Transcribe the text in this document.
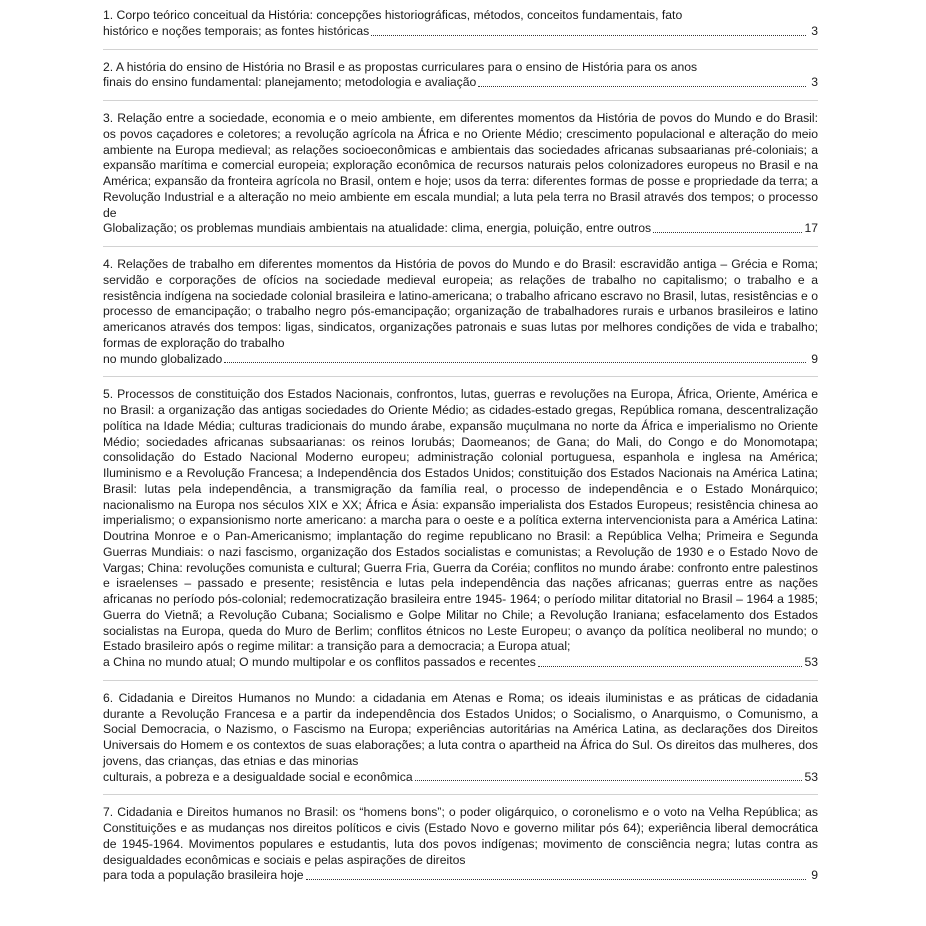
1. Corpo teórico conceitual da História: concepções historiográficas, métodos, conceitos fundamentais, fato
histórico e noções temporais; as fontes históricas	3
2. A história do ensino de História no Brasil e as propostas curriculares para o ensino de História para os anos
finais do ensino fundamental: planejamento; metodologia e avaliação	3
3. Relação entre a sociedade, economia e o meio ambiente, em diferentes momentos da História de povos do Mundo e do Brasil: os povos caçadores e coletores; a revolução agrícola na África e no Oriente Médio; crescimento populacional e alteração do meio ambiente na Europa medieval; as relações socioeconômicas e ambientais das sociedades africanas subsaarianas pré-coloniais; a expansão marítima e comercial europeia; exploração econômica de recursos naturais pelos colonizadores europeus no Brasil e na América; expansão da fronteira agrícola no Brasil, ontem e hoje; usos da terra: diferentes formas de posse e propriedade da terra; a Revolução Industrial e a alteração no meio ambiente em escala mundial; a luta pela terra no Brasil através dos tempos; o processo de
Globalização; os problemas mundiais ambientais na atualidade: clima, energia, poluição, entre outros	17
4. Relações de trabalho em diferentes momentos da História de povos do Mundo e do Brasil: escravidão antiga – Grécia e Roma; servidão e corporações de ofícios na sociedade medieval europeia; as relações de trabalho no capitalismo; o trabalho e a resistência indígena na sociedade colonial brasileira e latino-americana; o trabalho africano escravo no Brasil, lutas, resistências e o processo de emancipação; o trabalho negro pós-emancipação; organização de trabalhadores rurais e urbanos brasileiros e latino americanos através dos tempos: ligas, sindicatos, organizações patronais e suas lutas por melhores condições de vida e trabalho; formas de exploração do trabalho
no mundo globalizado	9
5. Processos de constituição dos Estados Nacionais, confrontos, lutas, guerras e revoluções na Europa, África, Oriente, América e no Brasil: a organização das antigas sociedades do Oriente Médio; as cidades-estado gregas, República romana, descentralização política na Idade Média; culturas tradicionais do mundo árabe, expansão muçulmana no norte da África e imperialismo no Oriente Médio; sociedades africanas subsaarianas: os reinos Iorubás; Daomeanos; de Gana; do Mali, do Congo e do Monomotapa; consolidação do Estado Nacional Moderno europeu; administração colonial portuguesa, espanhola e inglesa na América; Iluminismo e a Revolução Francesa; a Independência dos Estados Unidos; constituição dos Estados Nacionais na América Latina; Brasil: lutas pela independência, a transmigração da família real, o processo de independência e o Estado Monárquico; nacionalismo na Europa nos séculos XIX e XX; África e Ásia: expansão imperialista dos Estados Europeus; resistência chinesa ao imperialismo; o expansionismo norte americano: a marcha para o oeste e a política externa intervencionista para a América Latina: Doutrina Monroe e o Pan-Americanismo; implantação do regime republicano no Brasil: a República Velha; Primeira e Segunda Guerras Mundiais: o nazi fascismo, organização dos Estados socialistas e comunistas; a Revolução de 1930 e o Estado Novo de Vargas; China: revoluções comunista e cultural; Guerra Fria, Guerra da Coréia; conflitos no mundo árabe: confronto entre palestinos e israelenses – passado e presente; resistência e lutas pela independência das nações africanas; guerras entre as nações africanas no período pós-colonial; redemocratização brasileira entre 1945- 1964; o período militar ditatorial no Brasil – 1964 a 1985; Guerra do Vietnã; a Revolução Cubana; Socialismo e Golpe Militar no Chile; a Revolução Iraniana; esfacelamento dos Estados socialistas na Europa, queda do Muro de Berlim; conflitos étnicos no Leste Europeu; o avanço da política neoliberal no mundo; o Estado brasileiro após o regime militar: a transição para a democracia; a Europa atual;
a China no mundo atual; O mundo multipolar e os conflitos passados e recentes	53
6. Cidadania e Direitos Humanos no Mundo: a cidadania em Atenas e Roma; os ideais iluministas e as práticas de cidadania durante a Revolução Francesa e a partir da independência dos Estados Unidos; o Socialismo, o Anarquismo, o Comunismo, a Social Democracia, o Nazismo, o Fascismo na Europa; experiências autoritárias na América Latina, as declarações dos Direitos Universais do Homem e os contextos de suas elaborações; a luta contra o apartheid na África do Sul. Os direitos das mulheres, dos jovens, das crianças, das etnias e das minorias
culturais, a pobreza e a desigualdade social e econômica	53
7. Cidadania e Direitos humanos no Brasil: os “homens bons”; o poder oligárquico, o coronelismo e o voto na Velha República; as Constituições e as mudanças nos direitos políticos e civis (Estado Novo e governo militar pós 64); experiência liberal democrática de 1945-1964. Movimentos populares e estudantis, luta dos povos indígenas; movimento de consciência negra; lutas contra as desigualdades econômicas e sociais e pelas aspirações de direitos
para toda a população brasileira hoje	9
